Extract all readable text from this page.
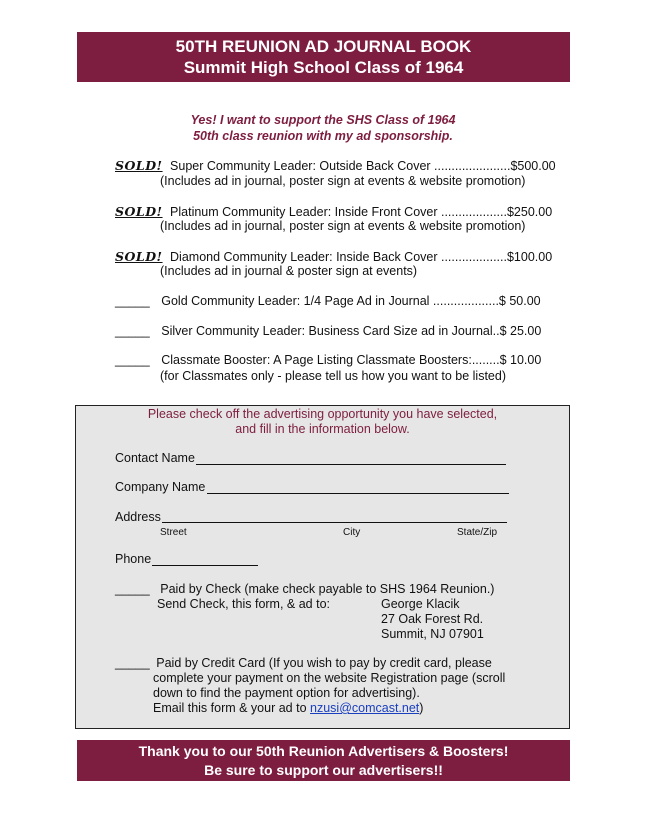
50TH REUNION AD JOURNAL BOOK
Summit High School Class of 1964
Yes! I want to support the SHS Class of 1964
50th class reunion with my ad sponsorship.
SOLD! Super Community Leader: Outside Back Cover ......................$500.00
(Includes ad in journal, poster sign at events & website promotion)
SOLD! Platinum Community Leader: Inside Front Cover ...................$250.00
(Includes ad in journal, poster sign at events & website promotion)
SOLD! Diamond Community Leader: Inside Back Cover ...................$100.00
(Includes ad in journal & poster sign at events)
_____ Gold Community Leader: 1/4 Page Ad in Journal ...................$ 50.00
_____ Silver Community Leader: Business Card Size ad in Journal..$ 25.00
_____ Classmate Booster: A Page Listing Classmate Boosters:........$ 10.00
(for Classmates only - please tell us how you want to be listed)
Please check off the advertising opportunity you have selected,
and fill in the information below.
Contact Name
Company Name
Address
Street	City	State/Zip
Phone
_____ Paid by Check (make check payable to SHS 1964 Reunion.)
Send Check, this form, & ad to:	George Klacik
27 Oak Forest Rd.
Summit, NJ 07901
_____ Paid by Credit Card (If you wish to pay by credit card, please
complete your payment on the website Registration page (scroll
down to find the payment option for advertising).
Email this form & your ad to nzusi@comcast.net)
Thank you to our 50th Reunion Advertisers & Boosters!
Be sure to support our advertisers!!
